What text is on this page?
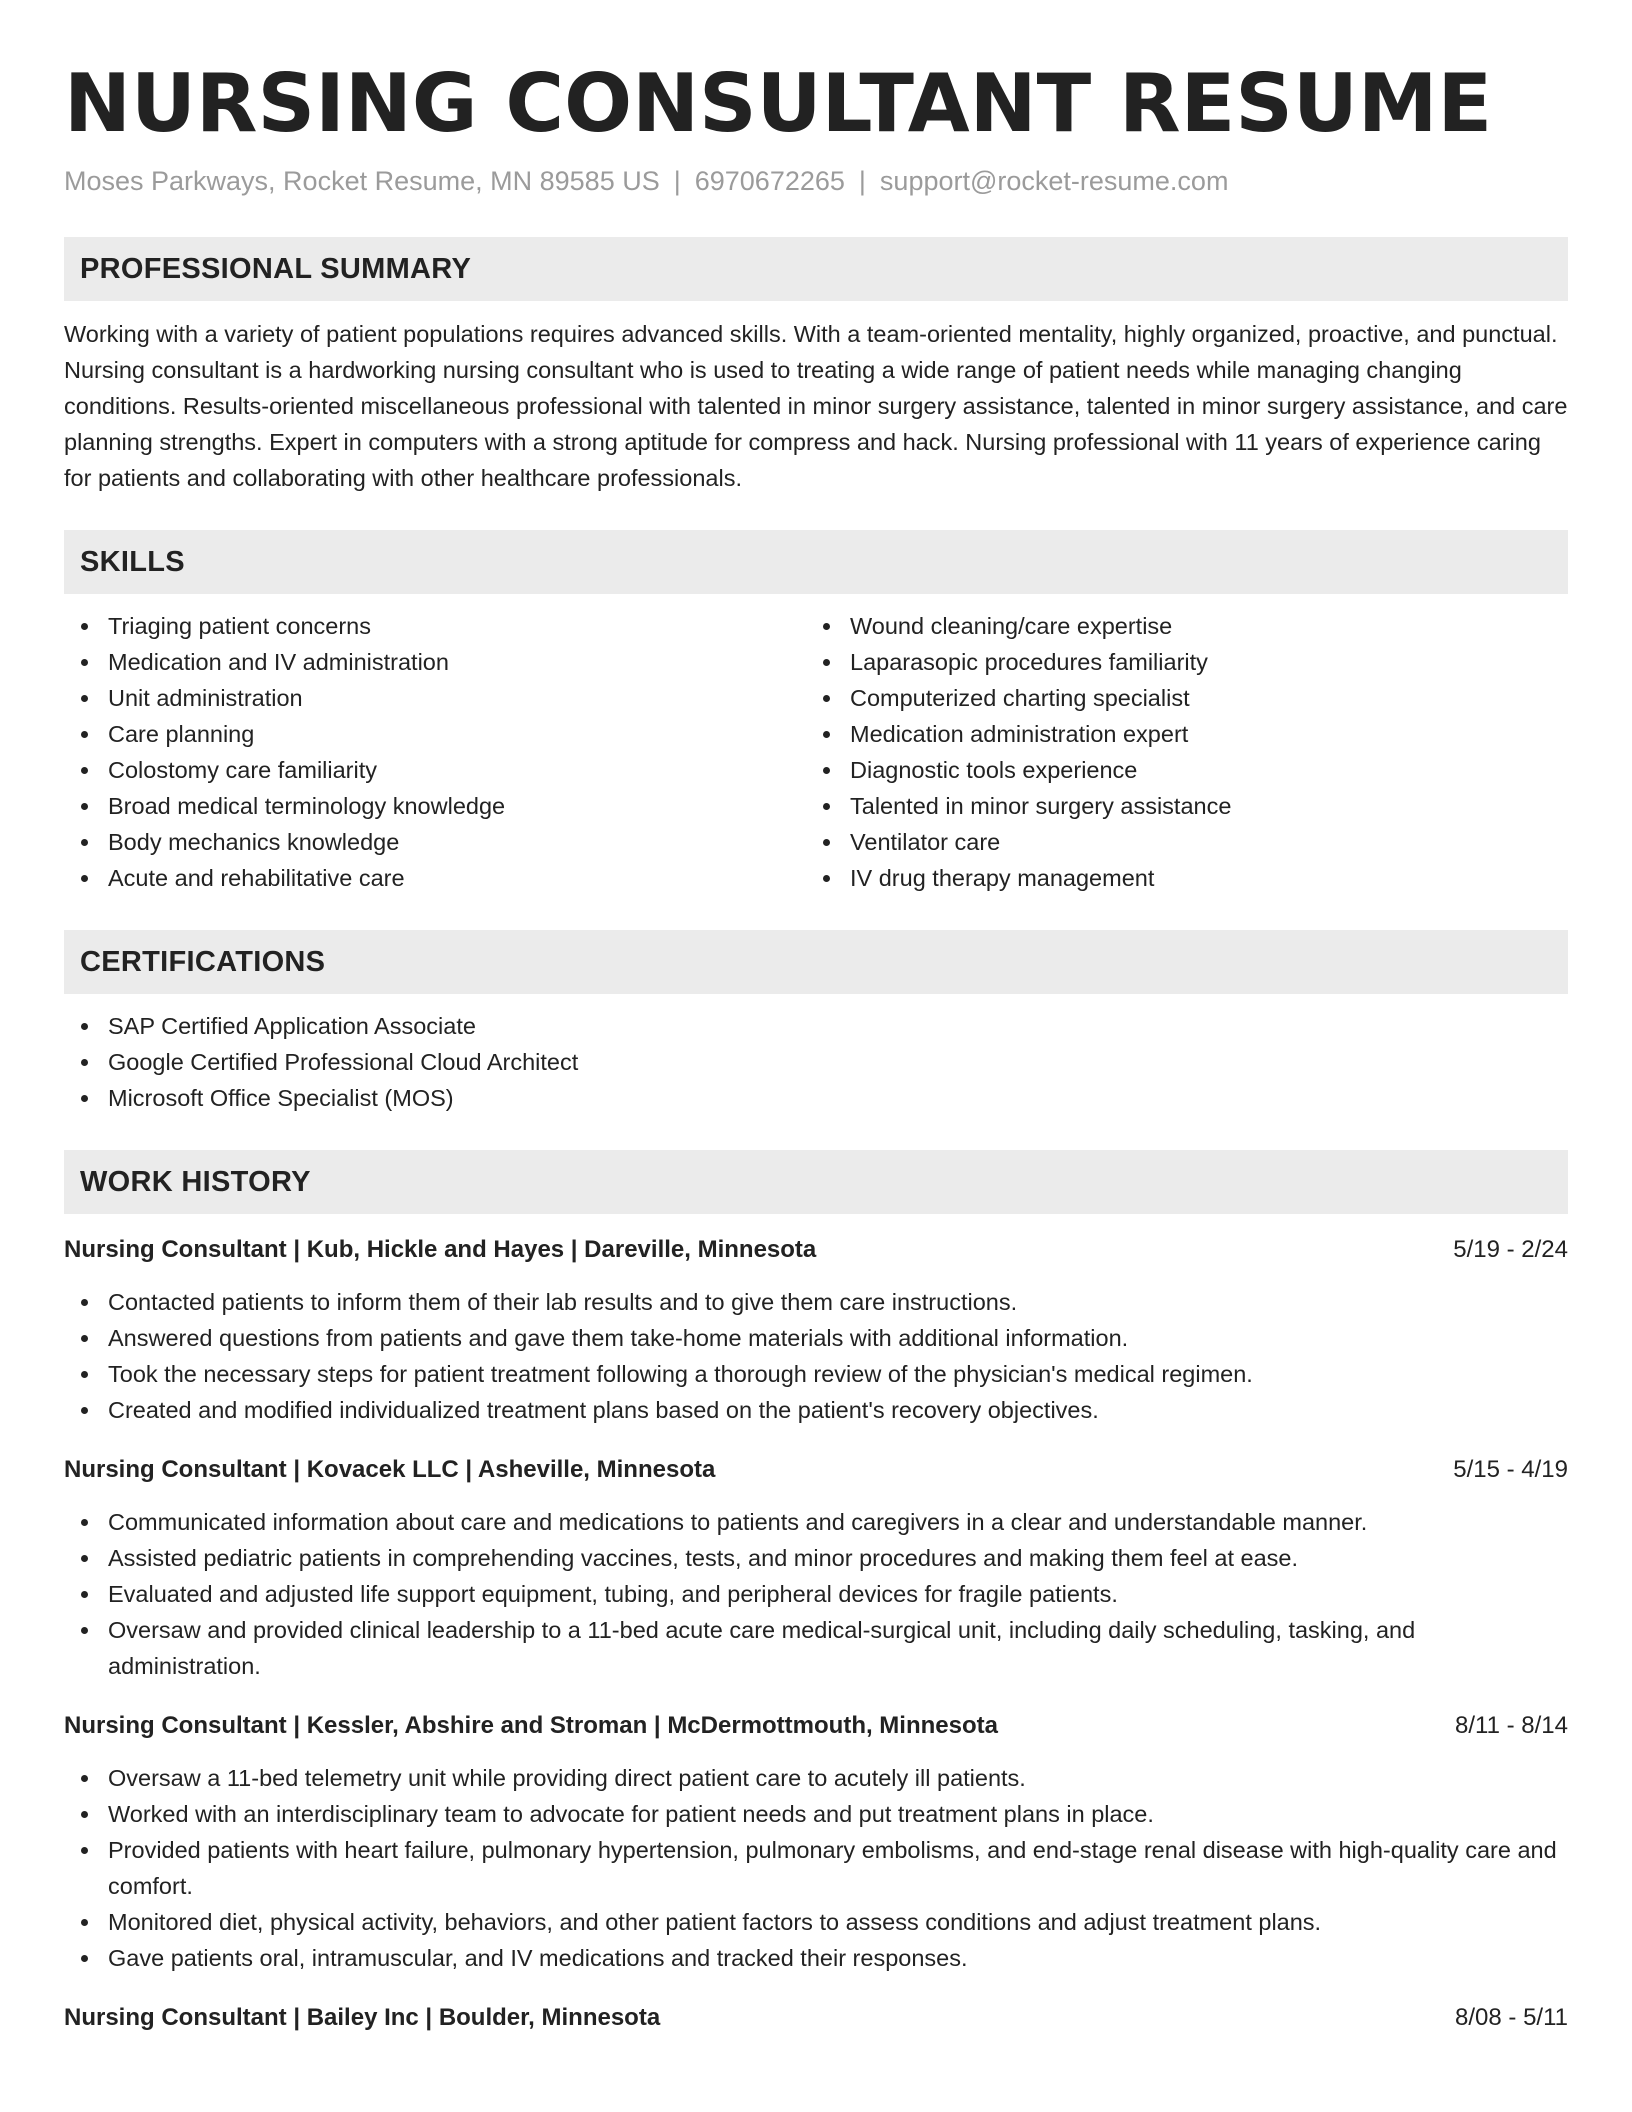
NURSING CONSULTANT RESUME
Moses Parkways, Rocket Resume, MN 89585 US | 6970672265 | support@rocket-resume.com
PROFESSIONAL SUMMARY

Working with a variety of patient populations requires advanced skills. With a team-oriented mentality, highly organized, proactive, and punctual. Nursing consultant is a hardworking nursing consultant who is used to treating a wide range of patient needs while managing changing conditions. Results-oriented miscellaneous professional with talented in minor surgery assistance, talented in minor surgery assistance, and care planning strengths. Expert in computers with a strong aptitude for compress and hack. Nursing professional with 11 years of experience caring for patients and collaborating with other healthcare professionals.

SKILLS
Triaging patient concerns
Medication and IV administration
Unit administration
Care planning
Colostomy care familiarity
Broad medical terminology knowledge
Body mechanics knowledge
Acute and rehabilitative care
Wound cleaning/care expertise
Laparasopic procedures familiarity
Computerized charting specialist
Medication administration expert
Diagnostic tools experience
Talented in minor surgery assistance
Ventilator care
IV drug therapy management
CERTIFICATIONS
SAP Certified Application Associate
Google Certified Professional Cloud Architect
Microsoft Office Specialist (MOS)
WORK HISTORY
Nursing Consultant | Kub, Hickle and Hayes | Dareville, Minnesota	5/19 - 2/24
Contacted patients to inform them of their lab results and to give them care instructions.
Answered questions from patients and gave them take-home materials with additional information.
Took the necessary steps for patient treatment following a thorough review of the physician's medical regimen.
Created and modified individualized treatment plans based on the patient's recovery objectives.
Nursing Consultant | Kovacek LLC | Asheville, Minnesota	5/15 - 4/19
Communicated information about care and medications to patients and caregivers in a clear and understandable manner.
Assisted pediatric patients in comprehending vaccines, tests, and minor procedures and making them feel at ease.
Evaluated and adjusted life support equipment, tubing, and peripheral devices for fragile patients.
Oversaw and provided clinical leadership to a 11-bed acute care medical-surgical unit, including daily scheduling, tasking, and administration.
Nursing Consultant | Kessler, Abshire and Stroman | McDermottmouth, Minnesota	8/11 - 8/14
Oversaw a 11-bed telemetry unit while providing direct patient care to acutely ill patients.
Worked with an interdisciplinary team to advocate for patient needs and put treatment plans in place.
Provided patients with heart failure, pulmonary hypertension, pulmonary embolisms, and end-stage renal disease with high-quality care and comfort.
Monitored diet, physical activity, behaviors, and other patient factors to assess conditions and adjust treatment plans.
Gave patients oral, intramuscular, and IV medications and tracked their responses.
Nursing Consultant | Bailey Inc | Boulder, Minnesota	8/08 - 5/11
